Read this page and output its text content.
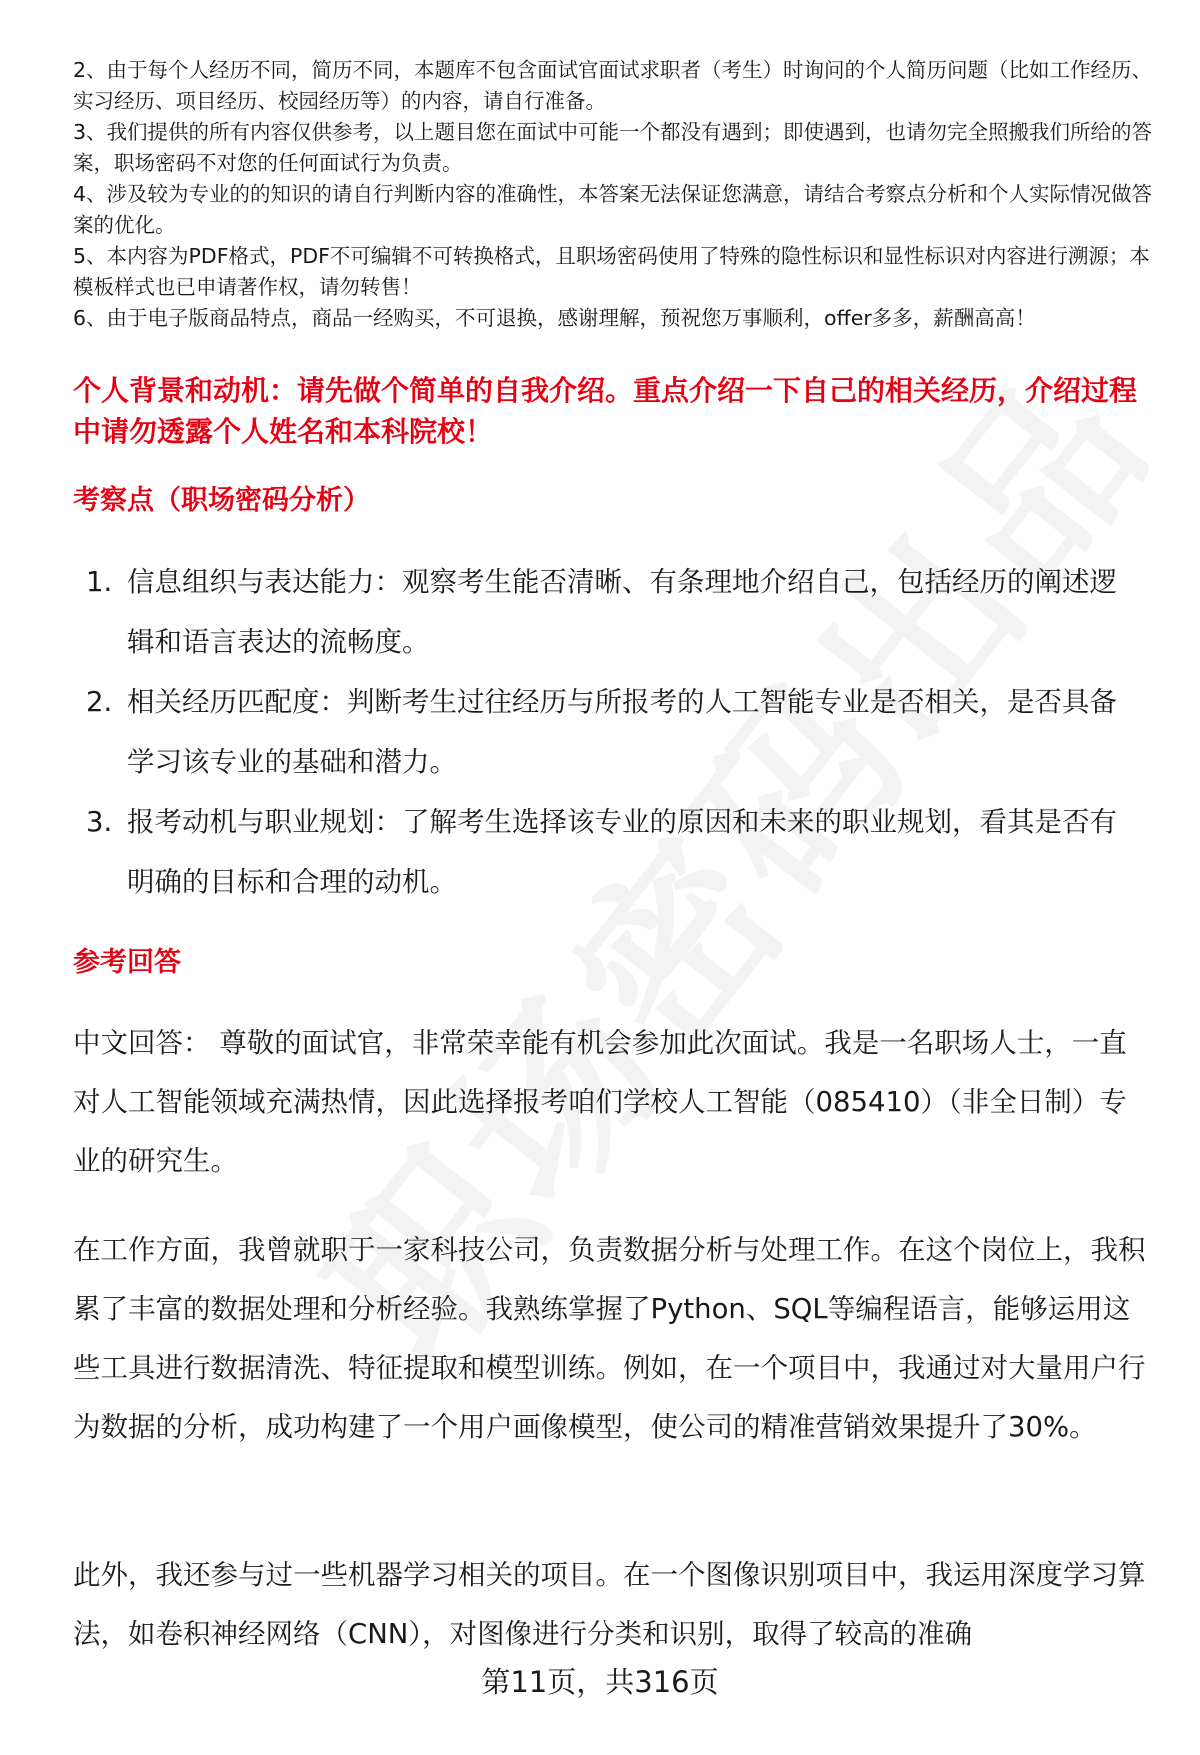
2、由于每个人经历不同，简历不同，本题库不包含面试官面试求职者（考生）时询问的个人简历问题（比如工作经历、实习经历、项目经历、校园经历等）的内容，请自行准备。
3、我们提供的所有内容仅供参考，以上题目您在面试中可能一个都没有遇到；即使遇到，也请勿完全照搬我们所给的答案，职场密码不对您的任何面试行为负责。
4、涉及较为专业的的知识的请自行判断内容的准确性，本答案无法保证您满意，请结合考察点分析和个人实际情况做答案的优化。
5、本内容为PDF格式，PDF不可编辑不可转换格式，且职场密码使用了特殊的隐性标识和显性标识对内容进行溯源；本模板样式也已申请著作权，请勿转售！
6、由于电子版商品特点，商品一经购买，不可退换，感谢理解，预祝您万事顺利，offer多多，薪酬高高！
个人背景和动机：请先做个简单的自我介绍。重点介绍一下自己的相关经历，介绍过程中请勿透露个人姓名和本科院校！
考察点（职场密码分析）
1. 信息组织与表达能力：观察考生能否清晰、有条理地介绍自己，包括经历的阐述逻辑和语言表达的流畅度。
2. 相关经历匹配度：判断考生过往经历与所报考的人工智能专业是否相关，是否具备学习该专业的基础和潜力。
3. 报考动机与职业规划：了解考生选择该专业的原因和未来的职业规划，看其是否有明确的目标和合理的动机。
参考回答
中文回答： 尊敬的面试官，非常荣幸能有机会参加此次面试。我是一名职场人士，一直对人工智能领域充满热情，因此选择报考咱们学校人工智能（085410）（非全日制）专业的研究生。
在工作方面，我曾就职于一家科技公司，负责数据分析与处理工作。在这个岗位上，我积累了丰富的数据处理和分析经验。我熟练掌握了Python、SQL等编程语言，能够运用这些工具进行数据清洗、特征提取和模型训练。例如，在一个项目中，我通过对大量用户行为数据的分析，成功构建了一个用户画像模型，使公司的精准营销效果提升了30%。
此外，我还参与过一些机器学习相关的项目。在一个图像识别项目中，我运用深度学习算法，如卷积神经网络（CNN），对图像进行分类和识别，取得了较高的准确
第11页，共316页
